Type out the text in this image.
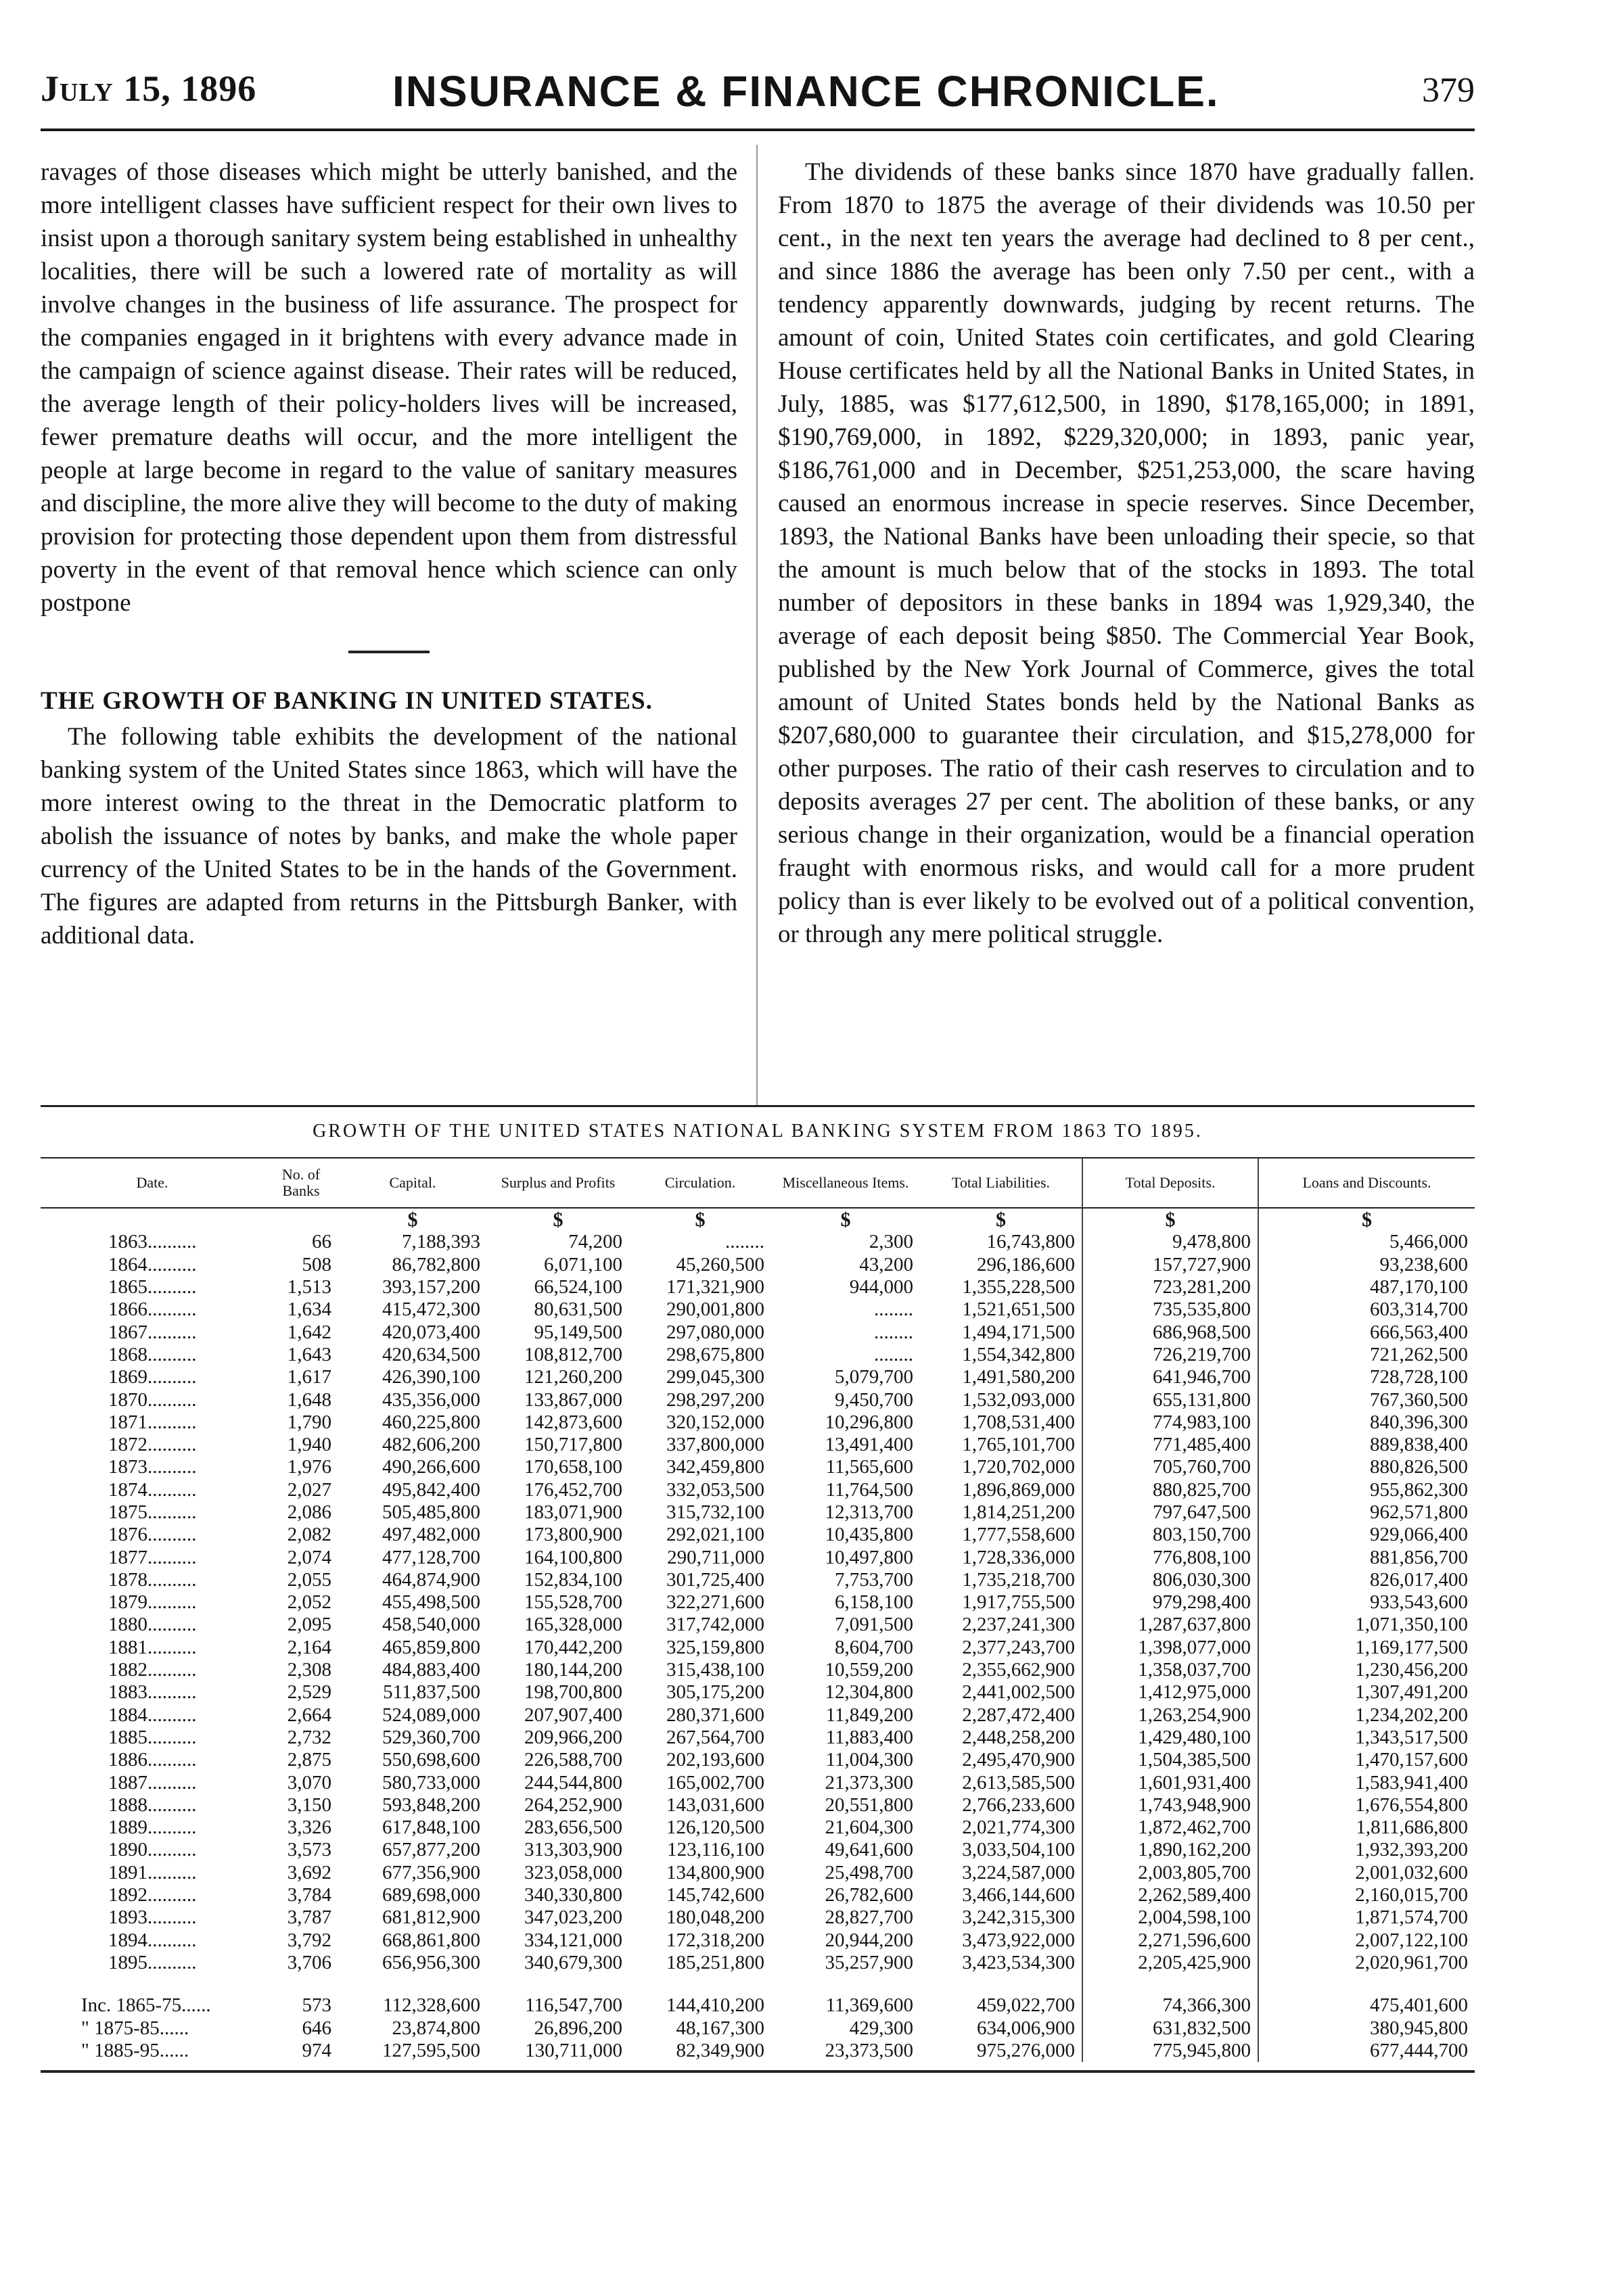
July 15, 1896	INSURANCE & FINANCE CHRONICLE.	379

ravages of those diseases which might be utterly banished, and the more intelligent classes have sufficient respect for their own lives to insist upon a thorough sanitary system being established in unhealthy localities, there will be such a lowered rate of mortality as will involve changes in the business of life assurance. The prospect for the companies engaged in it brightens with every advance made in the campaign of science against disease. Their rates will be reduced, the average length of their policy-holders lives will be increased, fewer premature deaths will occur, and the more intelligent the people at large become in regard to the value of sanitary measures and discipline, the more alive they will become to the duty of making provision for protecting those dependent upon them from distressful poverty in the event of that removal hence which science can only postpone

THE GROWTH OF BANKING IN UNITED STATES.

The following table exhibits the development of the national banking system of the United States since 1863, which will have the more interest owing to the threat in the Democratic platform to abolish the issuance of notes by banks, and make the whole paper currency of the United States to be in the hands of the Government. The figures are adapted from returns in the Pittsburgh Banker, with additional data.

The dividends of these banks since 1870 have gradually fallen. From 1870 to 1875 the average of their dividends was 10.50 per cent., in the next ten years the average had declined to 8 per cent., and since 1886 the average has been only 7.50 per cent., with a tendency apparently downwards, judging by recent returns. The amount of coin, United States coin certificates, and gold Clearing House certificates held by all the National Banks in United States, in July, 1885, was $177,612,500, in 1890, $178,165,000; in 1891, $190,769,000, in 1892, $229,320,000; in 1893, panic year, $186,761,000 and in December, $251,253,000, the scare having caused an enormous increase in specie reserves. Since December, 1893, the National Banks have been unloading their specie, so that the amount is much below that of the stocks in 1893. The total number of depositors in these banks in 1894 was 1,929,340, the average of each deposit being $850. The Commercial Year Book, published by the New York Journal of Commerce, gives the total amount of United States bonds held by the National Banks as $207,680,000 to guarantee their circulation, and $15,278,000 for other purposes. The ratio of their cash reserves to circulation and to deposits averages 27 per cent. The abolition of these banks, or any serious change in their organization, would be a financial operation fraught with enormous risks, and would call for a more prudent policy than is ever likely to be evolved out of a political convention, or through any mere political struggle.

GROWTH OF THE UNITED STATES NATIONAL BANKING SYSTEM FROM 1863 TO 1895.
Date.	No. of Banks	Capital.	Surplus and Profits	Circulation.	Miscellaneous Items.	Total Liabilities.	Total Deposits.	Loans and Discounts.
		$	$	$	$	$	$	$
1863..........	66	7,188,393	74,200	........	2,300	16,743,800	9,478,800	5,466,000
1864..........	508	86,782,800	6,071,100	45,260,500	43,200	296,186,600	157,727,900	93,238,600
1865..........	1,513	393,157,200	66,524,100	171,321,900	944,000	1,355,228,500	723,281,200	487,170,100
1866..........	1,634	415,472,300	80,631,500	290,001,800	........	1,521,651,500	735,535,800	603,314,700
1867..........	1,642	420,073,400	95,149,500	297,080,000	........	1,494,171,500	686,968,500	666,563,400
1868..........	1,643	420,634,500	108,812,700	298,675,800	........	1,554,342,800	726,219,700	721,262,500
1869..........	1,617	426,390,100	121,260,200	299,045,300	5,079,700	1,491,580,200	641,946,700	728,728,100
1870..........	1,648	435,356,000	133,867,000	298,297,200	9,450,700	1,532,093,000	655,131,800	767,360,500
1871..........	1,790	460,225,800	142,873,600	320,152,000	10,296,800	1,708,531,400	774,983,100	840,396,300
1872..........	1,940	482,606,200	150,717,800	337,800,000	13,491,400	1,765,101,700	771,485,400	889,838,400
1873..........	1,976	490,266,600	170,658,100	342,459,800	11,565,600	1,720,702,000	705,760,700	880,826,500
1874..........	2,027	495,842,400	176,452,700	332,053,500	11,764,500	1,896,869,000	880,825,700	955,862,300
1875..........	2,086	505,485,800	183,071,900	315,732,100	12,313,700	1,814,251,200	797,647,500	962,571,800
1876..........	2,082	497,482,000	173,800,900	292,021,100	10,435,800	1,777,558,600	803,150,700	929,066,400
1877..........	2,074	477,128,700	164,100,800	290,711,000	10,497,800	1,728,336,000	776,808,100	881,856,700
1878..........	2,055	464,874,900	152,834,100	301,725,400	7,753,700	1,735,218,700	806,030,300	826,017,400
1879..........	2,052	455,498,500	155,528,700	322,271,600	6,158,100	1,917,755,500	979,298,400	933,543,600
1880..........	2,095	458,540,000	165,328,000	317,742,000	7,091,500	2,237,241,300	1,287,637,800	1,071,350,100
1881..........	2,164	465,859,800	170,442,200	325,159,800	8,604,700	2,377,243,700	1,398,077,000	1,169,177,500
1882..........	2,308	484,883,400	180,144,200	315,438,100	10,559,200	2,355,662,900	1,358,037,700	1,230,456,200
1883..........	2,529	511,837,500	198,700,800	305,175,200	12,304,800	2,441,002,500	1,412,975,000	1,307,491,200
1884..........	2,664	524,089,000	207,907,400	280,371,600	11,849,200	2,287,472,400	1,263,254,900	1,234,202,200
1885..........	2,732	529,360,700	209,966,200	267,564,700	11,883,400	2,448,258,200	1,429,480,100	1,343,517,500
1886..........	2,875	550,698,600	226,588,700	202,193,600	11,004,300	2,495,470,900	1,504,385,500	1,470,157,600
1887..........	3,070	580,733,000	244,544,800	165,002,700	21,373,300	2,613,585,500	1,601,931,400	1,583,941,400
1888..........	3,150	593,848,200	264,252,900	143,031,600	20,551,800	2,766,233,600	1,743,948,900	1,676,554,800
1889..........	3,326	617,848,100	283,656,500	126,120,500	21,604,300	2,021,774,300	1,872,462,700	1,811,686,800
1890..........	3,573	657,877,200	313,303,900	123,116,100	49,641,600	3,033,504,100	1,890,162,200	1,932,393,200
1891..........	3,692	677,356,900	323,058,000	134,800,900	25,498,700	3,224,587,000	2,003,805,700	2,001,032,600
1892..........	3,784	689,698,000	340,330,800	145,742,600	26,782,600	3,466,144,600	2,262,589,400	2,160,015,700
1893..........	3,787	681,812,900	347,023,200	180,048,200	28,827,700	3,242,315,300	2,004,598,100	1,871,574,700
1894..........	3,792	668,861,800	334,121,000	172,318,200	20,944,200	3,473,922,000	2,271,596,600	2,007,122,100
1895..........	3,706	656,956,300	340,679,300	185,251,800	35,257,900	3,423,534,300	2,205,425,900	2,020,961,700

Inc. 1865-75......	573	112,328,600	116,547,700	144,410,200	11,369,600	459,022,700	74,366,300	475,401,600
" 1875-85......	646	23,874,800	26,896,200	48,167,300	429,300	634,006,900	631,832,500	380,945,800
" 1885-95......	974	127,595,500	130,711,000	82,349,900	23,373,500	975,276,000	775,945,800	677,444,700
